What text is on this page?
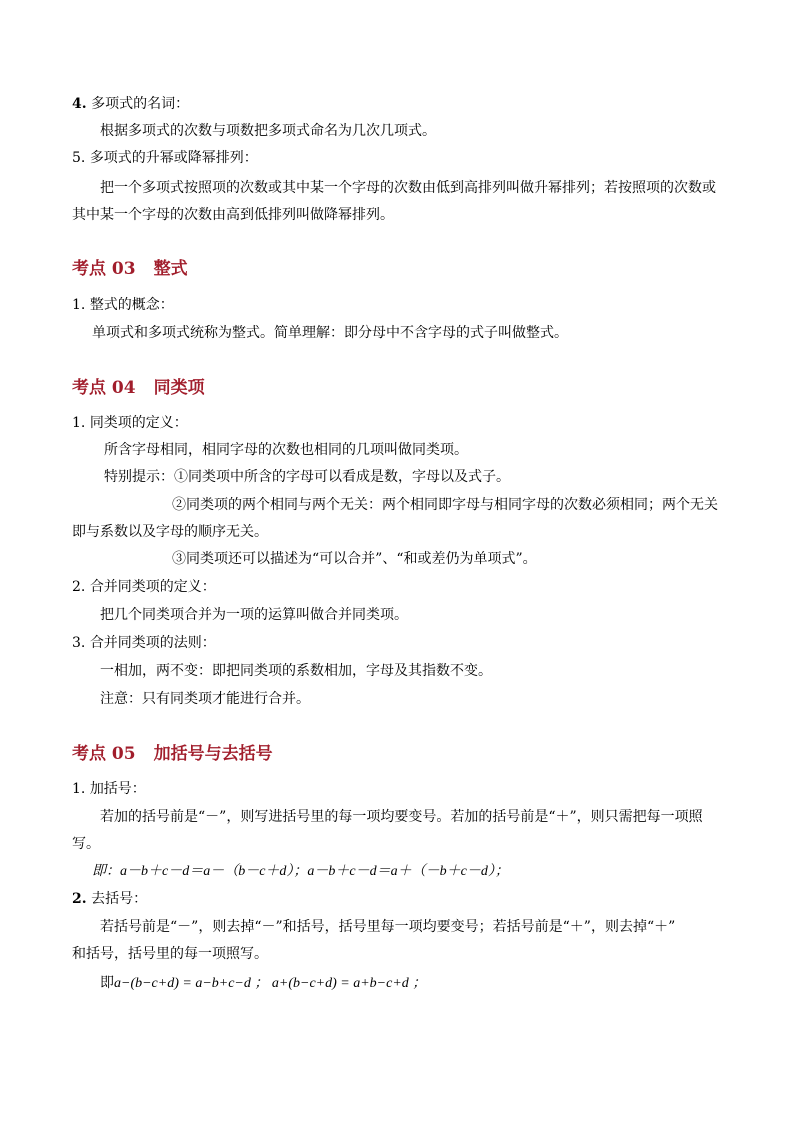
4. 多项式的名词：
根据多项式的次数与项数把多项式命名为几次几项式。
5. 多项式的升幂或降幂排列：
把一个多项式按照项的次数或其中某一个字母的次数由低到高排列叫做升幂排列；若按照项的次数或
其中某一个字母的次数由高到低排列叫做降幂排列。
考点 03 整式
1. 整式的概念：
单项式和多项式统称为整式。简单理解：即分母中不含字母的式子叫做整式。
考点 04 同类项
1. 同类项的定义：
所含字母相同，相同字母的次数也相同的几项叫做同类项。
特别提示：①同类项中所含的字母可以看成是数，字母以及式子。
②同类项的两个相同与两个无关：两个相同即字母与相同字母的次数必须相同；两个无关
即与系数以及字母的顺序无关。
③同类项还可以描述为“可以合并”、“和或差仍为单项式”。
2. 合并同类项的定义：
把几个同类项合并为一项的运算叫做合并同类项。
3. 合并同类项的法则：
一相加，两不变：即把同类项的系数相加，字母及其指数不变。
注意：只有同类项才能进行合并。
考点 05 加括号与去括号
1. 加括号：
若加的括号前是“－”，则写进括号里的每一项均要变号。若加的括号前是“＋”，则只需把每一项照
写。
即：a－b＋c－d＝a－（b－c＋d）；a－b＋c－d＝a＋（－b＋c－d）；
2. 去括号：
若括号前是“－”，则去掉“－”和括号，括号里每一项均要变号；若括号前是“＋”，则去掉“＋”
和括号，括号里的每一项照写。
即a−(b−c+d) = a−b+c−d ； a+(b−c+d) = a+b−c+d ；
